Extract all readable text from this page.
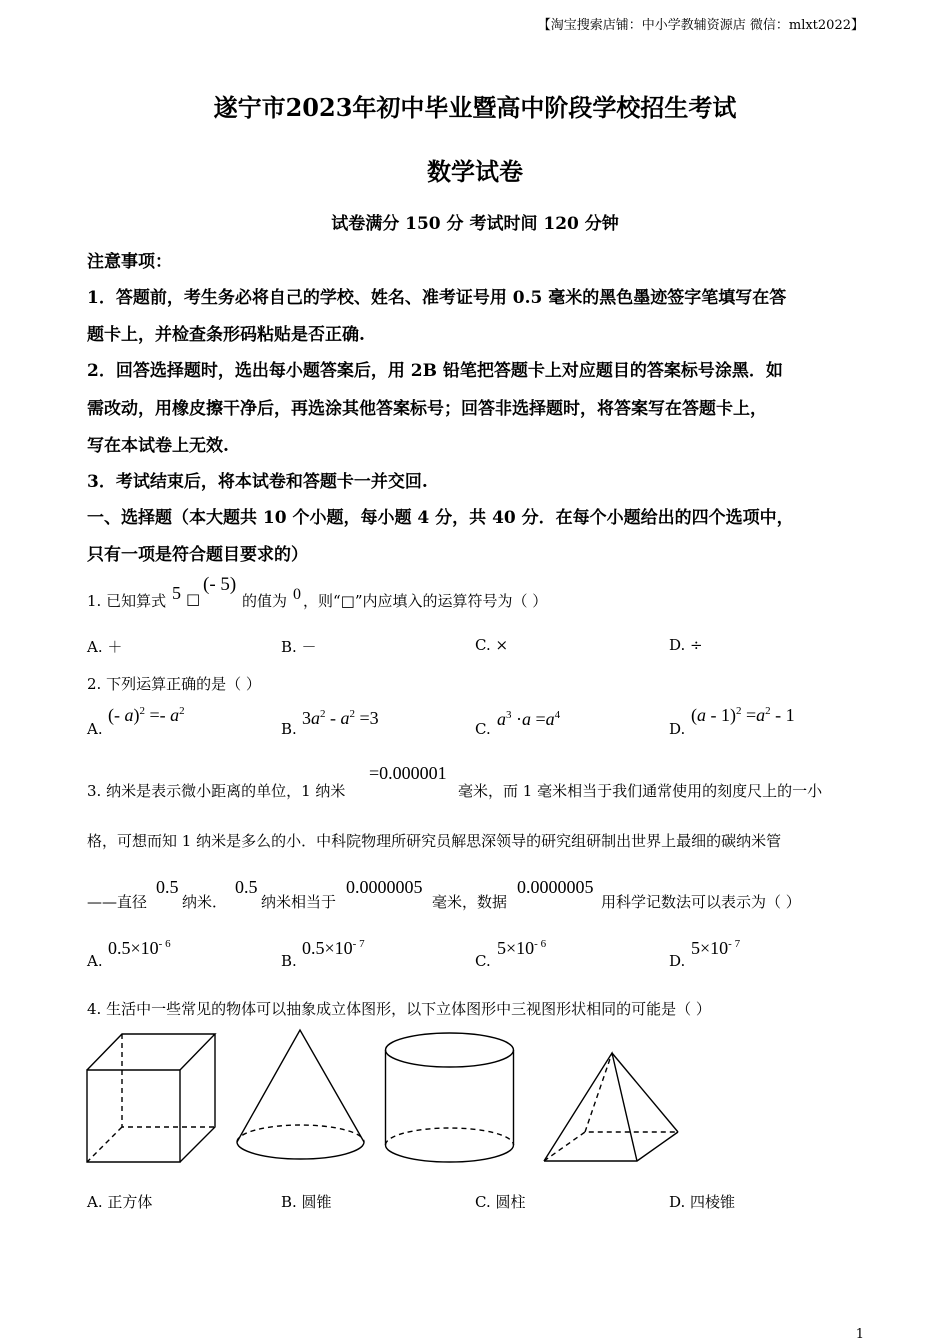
【淘宝搜索店铺：中小学教辅资源店 微信：mlxt2022】
遂宁市2023年初中毕业暨高中阶段学校招生考试
数学试卷
试卷满分 150 分 考试时间 120 分钟
注意事项：
1．答题前，考生务必将自己的学校、姓名、准考证号用 0.5 毫米的黑色墨迹签字笔填写在答
题卡上，并检查条形码粘贴是否正确.
2．回答选择题时，选出每小题答案后，用 2B 铅笔把答题卡上对应题目的答案标号涂黑．如
需改动，用橡皮擦干净后，再选涂其他答案标号；回答非选择题时，将答案写在答题卡上，
写在本试卷上无效.
3．考试结束后，将本试卷和答题卡一并交回.
一、选择题（本大题共 10 个小题，每小题 4 分，共 40 分．在每个小题给出的四个选项中，
只有一项是符合题目要求的）
1. 已知算式 5 □
(- 5)
的值为 0 ，则“□”内应填入的运算符号为（ ）
A. ＋	B. －	C. ×	D. ÷
2. 下列运算正确的是（ ）
A.
(- $a)^2 =- a^2$
B.
$3a^2 - a^2 =3$
C. $a^3 \cdot a =a^4$
D.
$(a - 1)^2 =a^2 - 1$
3. 纳米是表示微小距离的单位，1 纳米
=0.000001
毫米，而 1 毫米相当于我们通常使用的刻度尺上的一小
格，可想而知 1 纳米是多么的小．中科院物理所研究员解思深领导的研究组研制出世界上最细的碳纳米管
——直径
0.5
纳米．
0.5
纳米相当于
0.0000005
毫米，数据
0.0000005
用科学记数法可以表示为（ ）
A.
$0.5\times 10^{- 6}$
B.
$0.5\times 10^{- 7}$
C.
$5\times 10^{- 6}$
D.
$5\times 10^{- 7}$
4. 生活中一些常见的物体可以抽象成立体图形，以下立体图形中三视图形状相同的可能是（ ）
A. 正方体	B. 圆锥	C. 圆柱	D. 四棱锥
1
